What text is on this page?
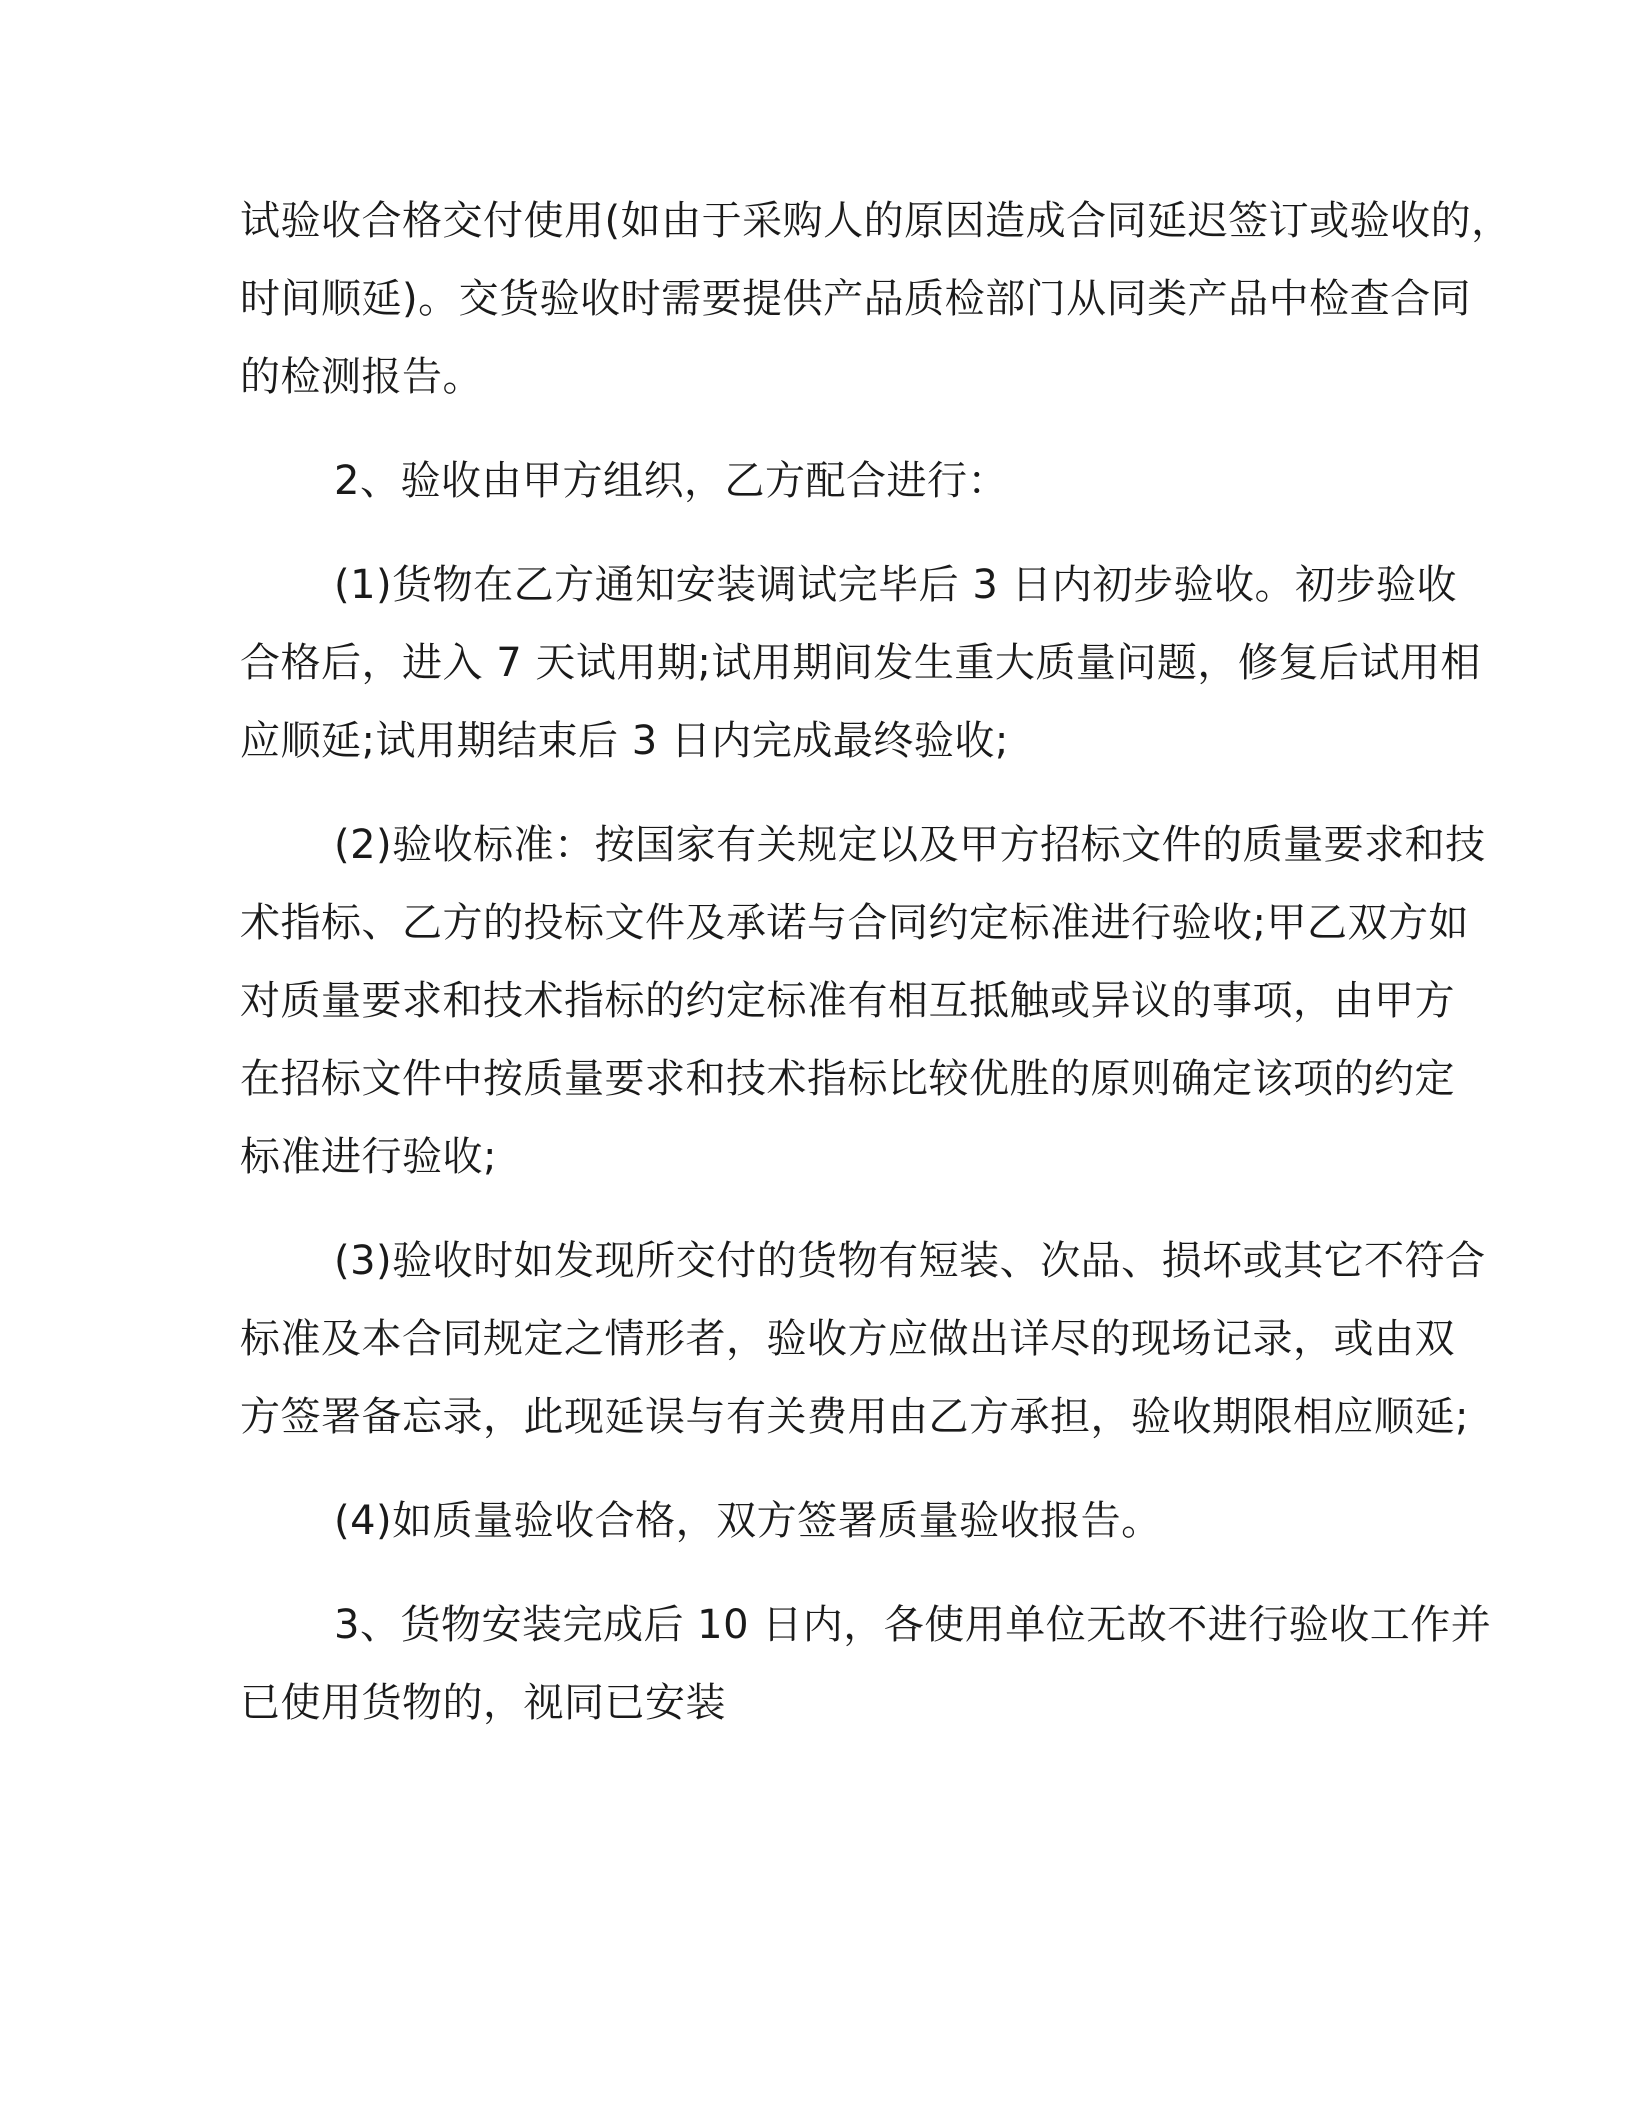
试验收合格交付使用(如由于采购人的原因造成合同延迟签订或验收的，
时间顺延)。交货验收时需要提供产品质检部门从同类产品中检查合同
的检测报告。
2、验收由甲方组织，乙方配合进行：
(1)货物在乙方通知安装调试完毕后 3 日内初步验收。初步验收
合格后，进入 7 天试用期;试用期间发生重大质量问题，修复后试用相
应顺延;试用期结束后 3 日内完成最终验收;
(2)验收标准：按国家有关规定以及甲方招标文件的质量要求和技
术指标、乙方的投标文件及承诺与合同约定标准进行验收;甲乙双方如
对质量要求和技术指标的约定标准有相互抵触或异议的事项，由甲方
在招标文件中按质量要求和技术指标比较优胜的原则确定该项的约定
标准进行验收;
(3)验收时如发现所交付的货物有短装、次品、损坏或其它不符合
标准及本合同规定之情形者，验收方应做出详尽的现场记录，或由双
方签署备忘录，此现延误与有关费用由乙方承担，验收期限相应顺延;
(4)如质量验收合格，双方签署质量验收报告。
3、货物安装完成后 10 日内，各使用单位无故不进行验收工作并
已使用货物的，视同已安装
